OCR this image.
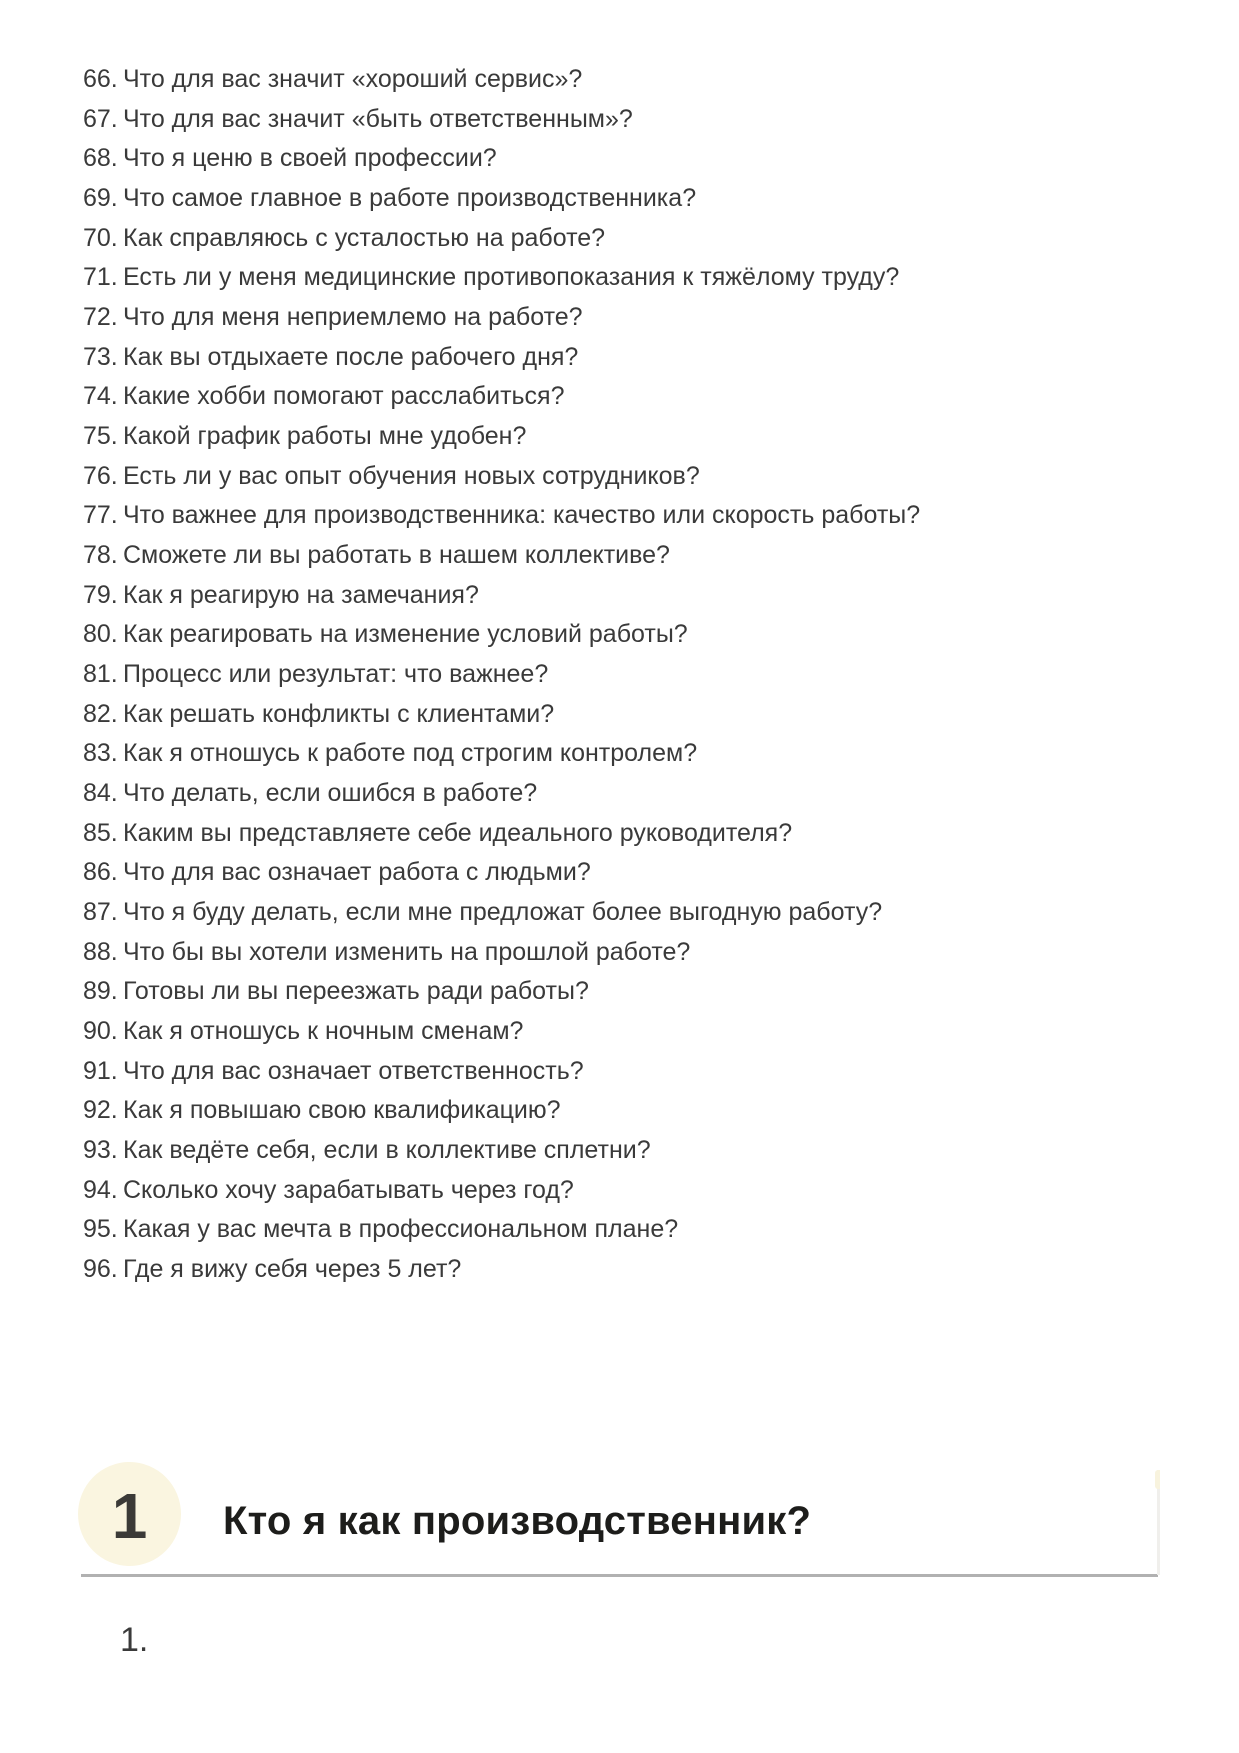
66. Что для вас значит «хороший сервис»?
67. Что для вас значит «быть ответственным»?
68. Что я ценю в своей профессии?
69. Что самое главное в работе производственника?
70. Как справляюсь с усталостью на работе?
71. Есть ли у меня медицинские противопоказания к тяжёлому труду?
72. Что для меня неприемлемо на работе?
73. Как вы отдыхаете после рабочего дня?
74. Какие хобби помогают расслабиться?
75. Какой график работы мне удобен?
76. Есть ли у вас опыт обучения новых сотрудников?
77. Что важнее для производственника: качество или скорость работы?
78. Сможете ли вы работать в нашем коллективе?
79. Как я реагирую на замечания?
80. Как реагировать на изменение условий работы?
81. Процесс или результат: что важнее?
82. Как решать конфликты с клиентами?
83. Как я отношусь к работе под строгим контролем?
84. Что делать, если ошибся в работе?
85. Каким вы представляете себе идеального руководителя?
86. Что для вас означает работа с людьми?
87. Что я буду делать, если мне предложат более выгодную работу?
88. Что бы вы хотели изменить на прошлой работе?
89. Готовы ли вы переезжать ради работы?
90. Как я отношусь к ночным сменам?
91. Что для вас означает ответственность?
92. Как я повышаю свою квалификацию?
93. Как ведёте себя, если в коллективе сплетни?
94. Сколько хочу зарабатывать через год?
95. Какая у вас мечта в профессиональном плане?
96. Где я вижу себя через 5 лет?
1 Кто я как производственник?
1.
